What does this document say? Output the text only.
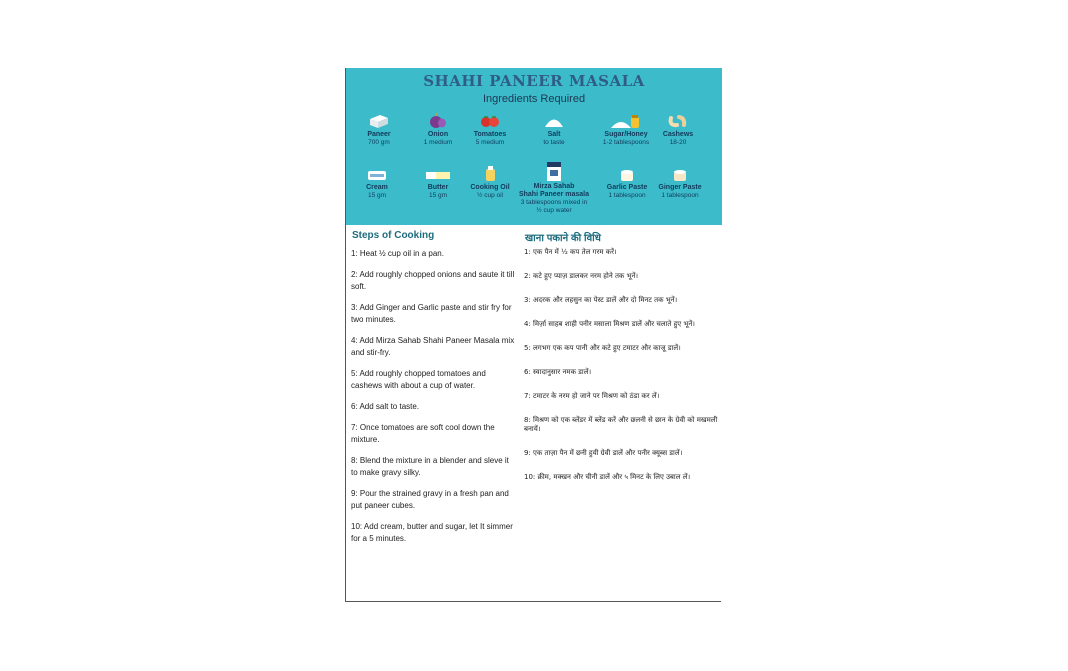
SHAHI PANEER MASALA
Ingredients Required
Paneer
700 gm
Onion
1 medium
Tomatoes
5 medium
Salt
to taste
Sugar/Honey
1-2 tablespoons
Cashews
18-20
Cream
15 gm
Butter
15 gm
Cooking Oil
½ cup oil
Mirza Sahab
Shahi Paneer masala
3 tablespoons mixed in
½ cup water
Garlic Paste
1 tablespoon
Ginger Paste
1 tablespoon
Steps of Cooking
1: Heat ½ cup oil in a pan.
2: Add roughly chopped onions and saute it till soft.
3: Add Ginger and Garlic paste and stir fry for two minutes.
4: Add Mirza Sahab Shahi Paneer Masala mix and stir-fry.
5: Add roughly chopped tomatoes and cashews with about a cup of water.
6: Add salt to taste.
7: Once tomatoes are soft cool down the mixture.
8: Blend the mixture in a blender and sleve it to make gravy silky.
9: Pour the strained gravy in a fresh pan and put paneer cubes.
10: Add cream, butter and sugar, let It simmer for a 5 minutes.
खाना पकाने की विधि
1: एक पैन में ½ कप तेल गरम करें।
2: कटे हुए प्याज़ डालकर नरम होने तक भूनें।
3: अदरक और लहसुन का पेस्ट डालें और दो मिनट तक भूनें।
4: मिर्ज़ा साहब शाही पनीर मसाला मिश्रण डालें और चलाते हुए भूनें।
5: लगभग एक कप पानी और कटे हुए टमाटर और काजू डालें।
6: स्वादानुसार नमक डालें।
7: टमाटर के नरम हो जाने पर मिश्रण को ठंडा कर लें।
8: मिश्रण को एक ब्लेंडर में ब्लेंड करें और छलनी से छान के ग्रेवी को मखमली बनायें।
9: एक ताज़ा पैन में छनी हुयी ग्रेवी डालें और पनीर क्यूब्स डालें।
10: क्रीम, मक्खन और चीनी डालें और ५ मिनट के लिए उबाल लें।
